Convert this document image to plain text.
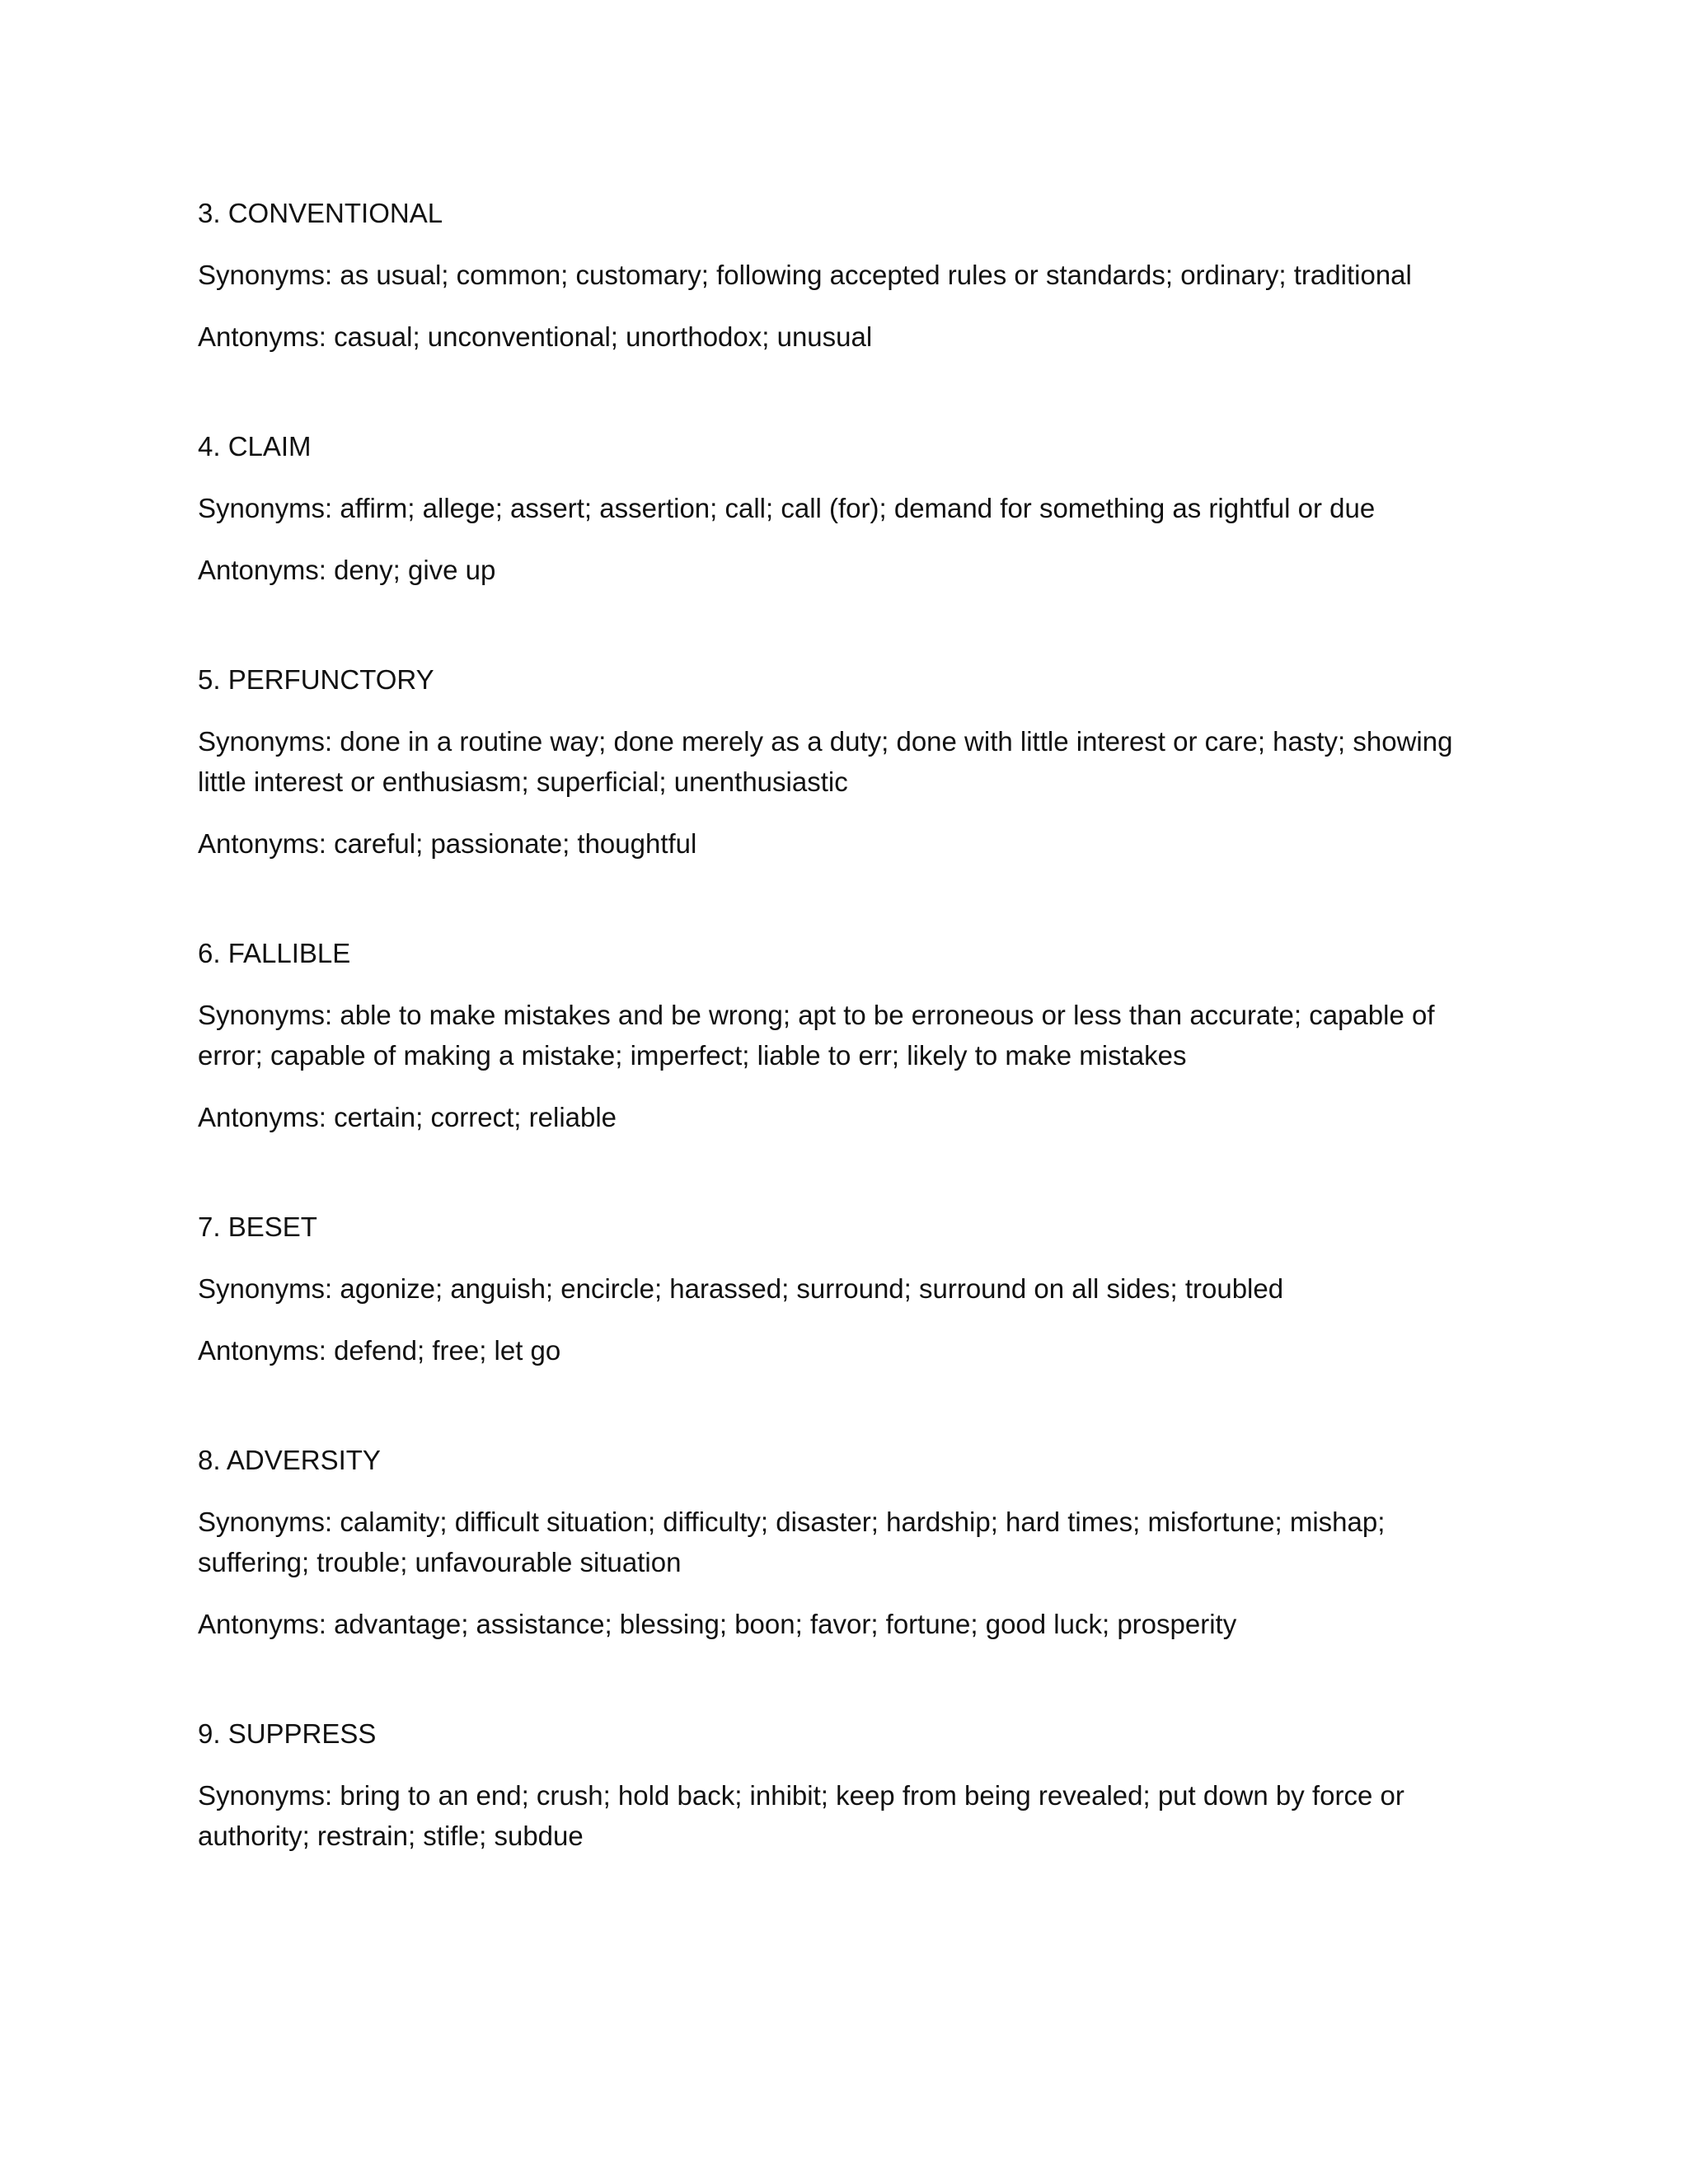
3. CONVENTIONAL

Synonyms: as usual; common; customary; following accepted rules or standards; ordinary; traditional

Antonyms: casual; unconventional; unorthodox; unusual

4. CLAIM

Synonyms: affirm; allege; assert; assertion; call; call (for); demand for something as rightful or due

Antonyms: deny; give up

5. PERFUNCTORY

Synonyms: done in a routine way; done merely as a duty; done with little interest or care; hasty; showing little interest or enthusiasm; superficial; unenthusiastic

Antonyms: careful; passionate; thoughtful

6. FALLIBLE

Synonyms: able to make mistakes and be wrong; apt to be erroneous or less than accurate; capable of error; capable of making a mistake; imperfect; liable to err; likely to make mistakes

Antonyms: certain; correct; reliable

7. BESET

Synonyms: agonize; anguish; encircle; harassed; surround; surround on all sides; troubled

Antonyms: defend; free; let go

8. ADVERSITY

Synonyms: calamity; difficult situation; difficulty; disaster; hardship; hard times; misfortune; mishap; suffering; trouble; unfavourable situation

Antonyms: advantage; assistance; blessing; boon; favor; fortune; good luck; prosperity

9. SUPPRESS

Synonyms: bring to an end; crush; hold back; inhibit; keep from being revealed; put down by force or authority; restrain; stifle; subdue
